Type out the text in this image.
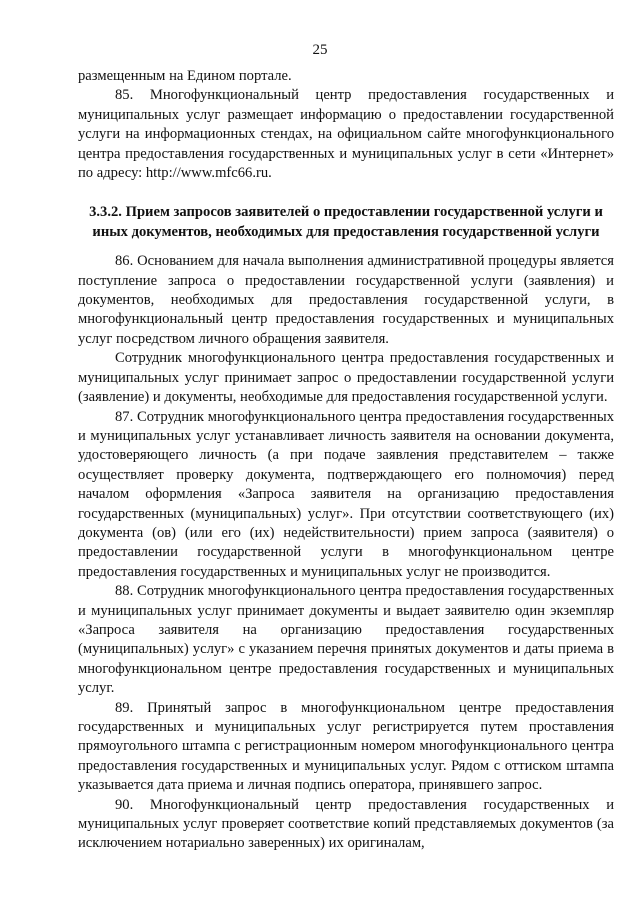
25

размещенным на Едином портале.

85. Многофункциональный центр предоставления государственных и муниципальных услуг размещает информацию о предоставлении государственной услуги на информационных стендах, на официальном сайте многофункционального центра предоставления государственных и муниципальных услуг в сети «Интернет» по адресу: http://www.mfc66.ru.

3.3.2. Прием запросов заявителей о предоставлении государственной услуги и иных документов, необходимых для предоставления государственной услуги

86. Основанием для начала выполнения административной процедуры является поступление запроса о предоставлении государственной услуги (заявления) и документов, необходимых для предоставления государственной услуги, в многофункциональный центр предоставления государственных и муниципальных услуг посредством личного обращения заявителя.

Сотрудник многофункционального центра предоставления государственных и муниципальных услуг принимает запрос о предоставлении государственной услуги (заявление) и документы, необходимые для предоставления государственной услуги.

87. Сотрудник многофункционального центра предоставления государственных и муниципальных услуг устанавливает личность заявителя на основании документа, удостоверяющего личность (а при подаче заявления представителем – также осуществляет проверку документа, подтверждающего его полномочия) перед началом оформления «Запроса заявителя на организацию предоставления государственных (муниципальных) услуг». При отсутствии соответствующего (их) документа (ов) (или его (их) недействительности) прием запроса (заявителя) о предоставлении государственной услуги в многофункциональном центре предоставления государственных и муниципальных услуг не производится.

88. Сотрудник многофункционального центра предоставления государственных и муниципальных услуг принимает документы и выдает заявителю один экземпляр «Запроса заявителя на организацию предоставления государственных (муниципальных) услуг» с указанием перечня принятых документов и даты приема в многофункциональном центре предоставления государственных и муниципальных услуг.

89. Принятый запрос в многофункциональном центре предоставления государственных и муниципальных услуг регистрируется путем проставления прямоугольного штампа с регистрационным номером многофункционального центра предоставления государственных и муниципальных услуг. Рядом с оттиском штампа указывается дата приема и личная подпись оператора, принявшего запрос.

90. Многофункциональный центр предоставления государственных и муниципальных услуг проверяет соответствие копий представляемых документов (за исключением нотариально заверенных) их оригиналам,
